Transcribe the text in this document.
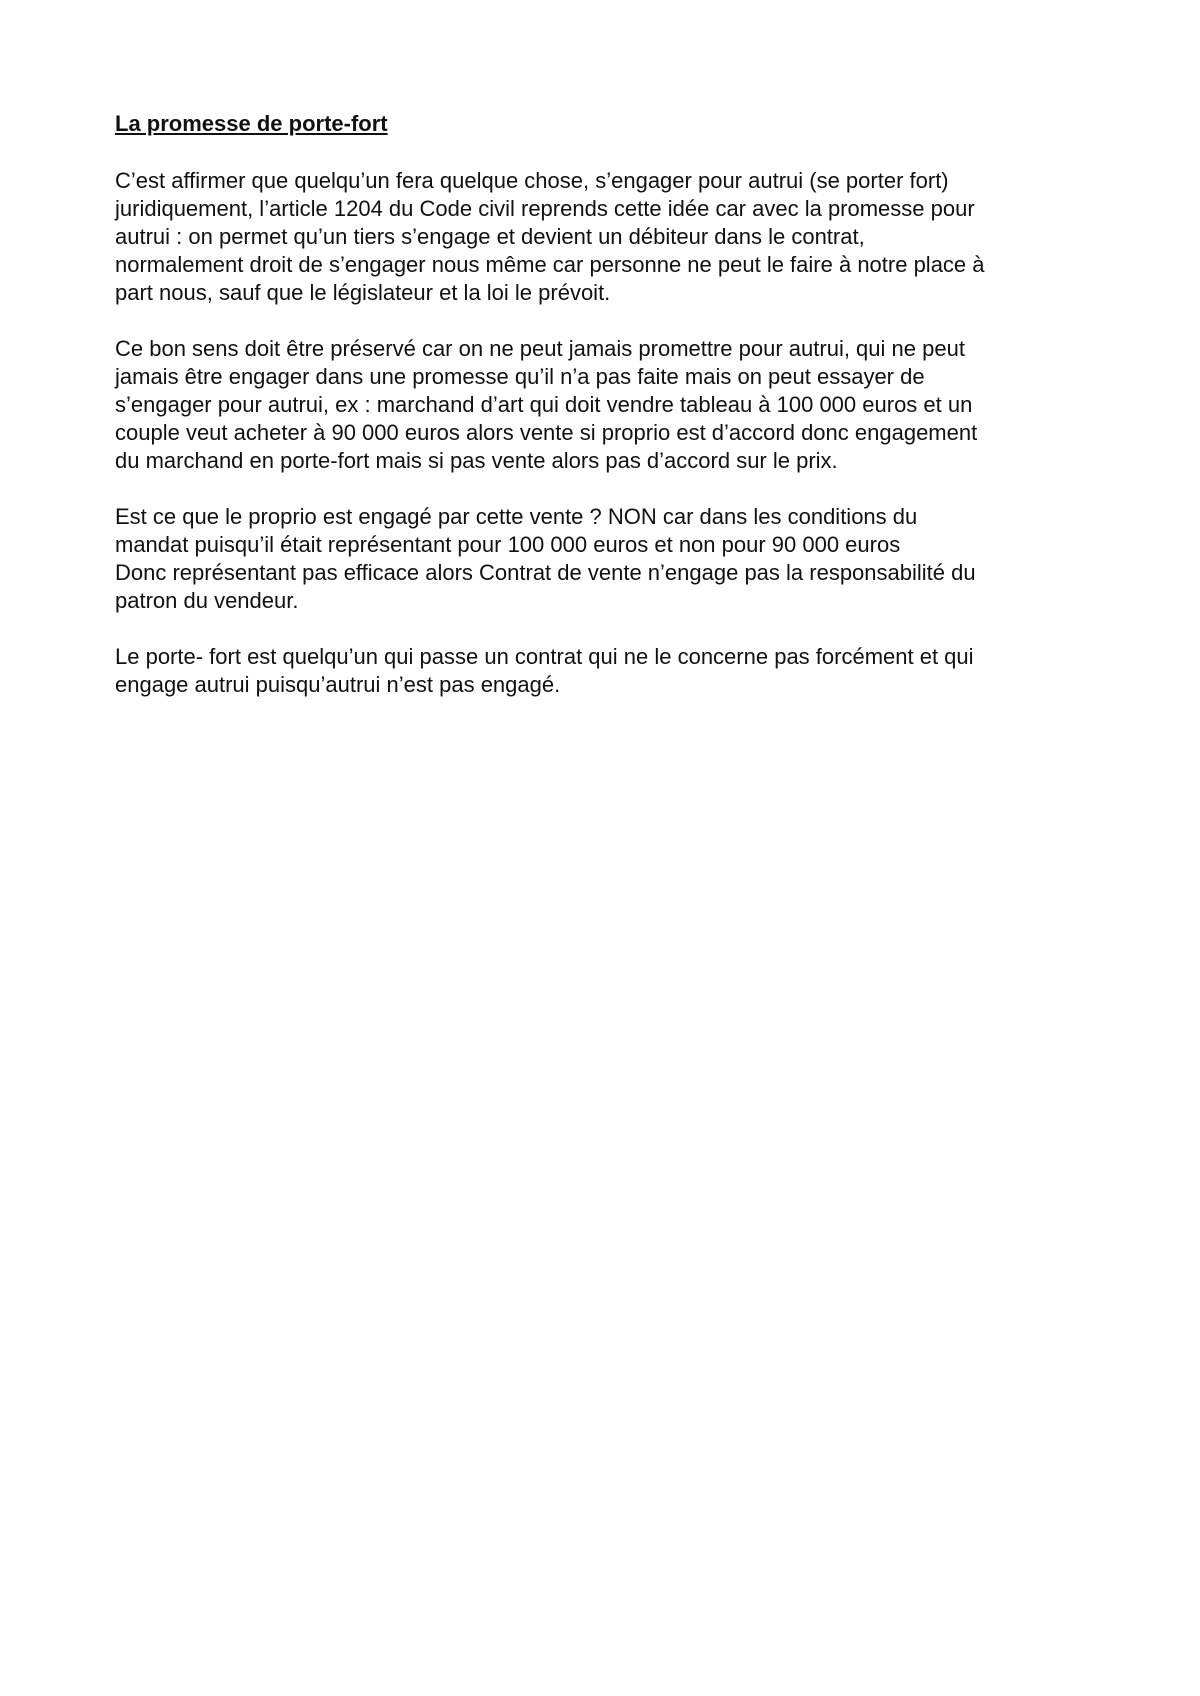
La promesse de porte-fort
C’est affirmer que quelqu’un fera quelque chose, s’engager pour autrui (se porter fort)
juridiquement, l’article 1204 du Code civil reprends cette idée car avec la promesse pour
autrui : on permet qu’un tiers s’engage et devient un débiteur dans le contrat,
normalement droit de s’engager nous même car personne ne peut le faire à notre place à
part nous, sauf que le législateur et la loi le prévoit.
Ce bon sens doit être préservé car on ne peut jamais promettre pour autrui, qui ne peut
jamais être engager dans une promesse qu’il n’a pas faite mais on peut essayer de
s’engager pour autrui, ex : marchand d’art qui doit vendre tableau à 100 000 euros et un
couple veut acheter à 90 000 euros alors vente si proprio est d’accord donc engagement
du marchand en porte-fort mais si pas vente alors pas d’accord sur le prix.
Est ce que le proprio est engagé par cette vente ? NON car dans les conditions du
mandat puisqu’il était représentant pour 100 000 euros et non pour 90 000 euros
Donc représentant pas efficace alors Contrat de vente n’engage pas la responsabilité du
patron du vendeur.
Le porte- fort est quelqu’un qui passe un contrat qui ne le concerne pas forcément et qui
engage autrui puisqu’autrui n’est pas engagé.
